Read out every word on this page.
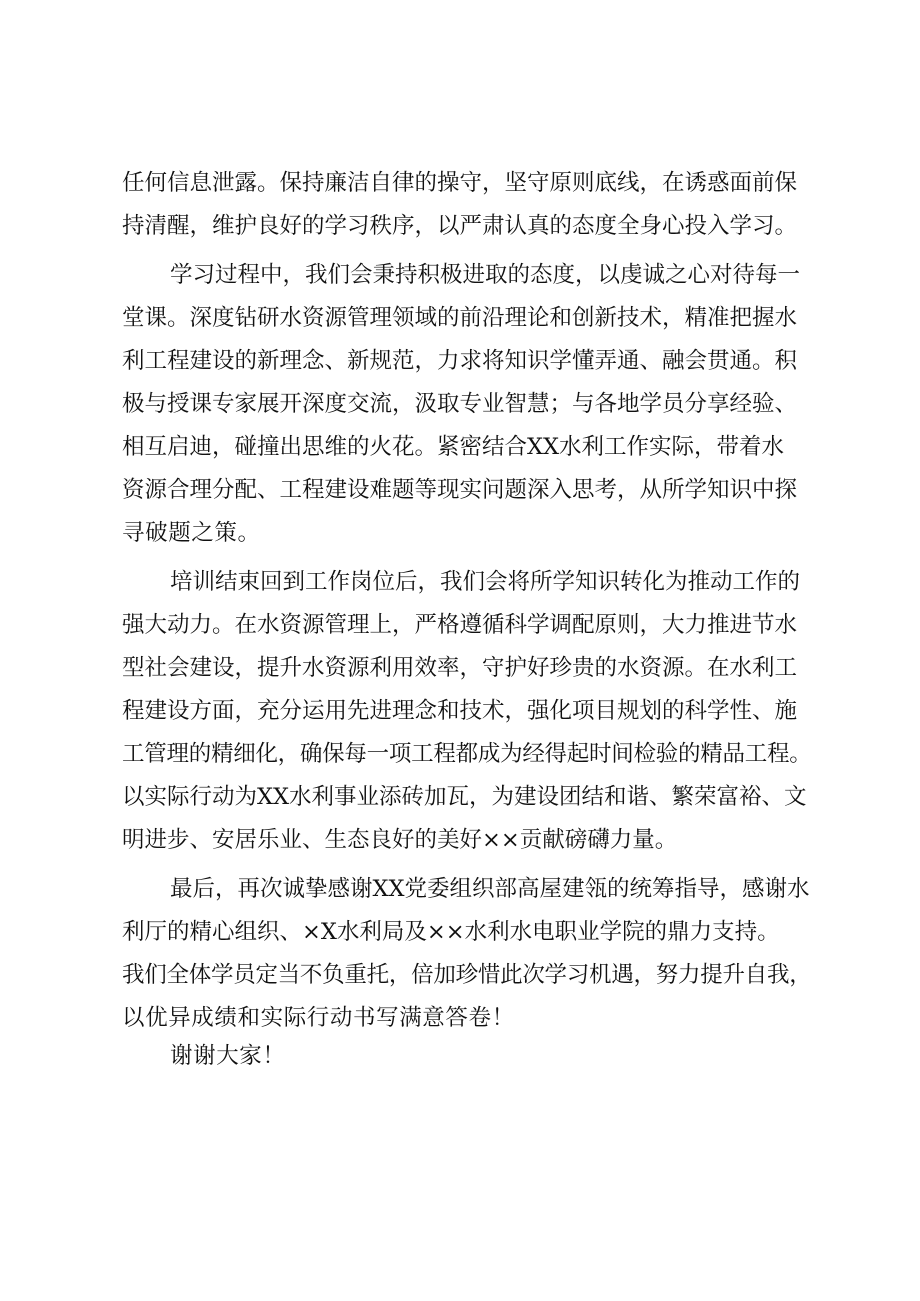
任何信息泄露。保持廉洁自律的操守，坚守原则底线，在诱惑面前保
持清醒，维护良好的学习秩序，以严肃认真的态度全身心投入学习。
学习过程中，我们会秉持积极进取的态度，以虔诚之心对待每一
堂课。深度钻研水资源管理领域的前沿理论和创新技术，精准把握水
利工程建设的新理念、新规范，力求将知识学懂弄通、融会贯通。积
极与授课专家展开深度交流，汲取专业智慧；与各地学员分享经验、
相互启迪，碰撞出思维的火花。紧密结合XX水利工作实际，带着水
资源合理分配、工程建设难题等现实问题深入思考，从所学知识中探
寻破题之策。
培训结束回到工作岗位后，我们会将所学知识转化为推动工作的
强大动力。在水资源管理上，严格遵循科学调配原则，大力推进节水
型社会建设，提升水资源利用效率，守护好珍贵的水资源。在水利工
程建设方面，充分运用先进理念和技术，强化项目规划的科学性、施
工管理的精细化，确保每一项工程都成为经得起时间检验的精品工程。
以实际行动为XX水利事业添砖加瓦，为建设团结和谐、繁荣富裕、文
明进步、安居乐业、生态良好的美好××贡献磅礴力量。
最后，再次诚挚感谢XX党委组织部高屋建瓴的统筹指导，感谢水
利厅的精心组织、×X水利局及××水利水电职业学院的鼎力支持。
我们全体学员定当不负重托，倍加珍惜此次学习机遇，努力提升自我，
以优异成绩和实际行动书写满意答卷！
谢谢大家！
